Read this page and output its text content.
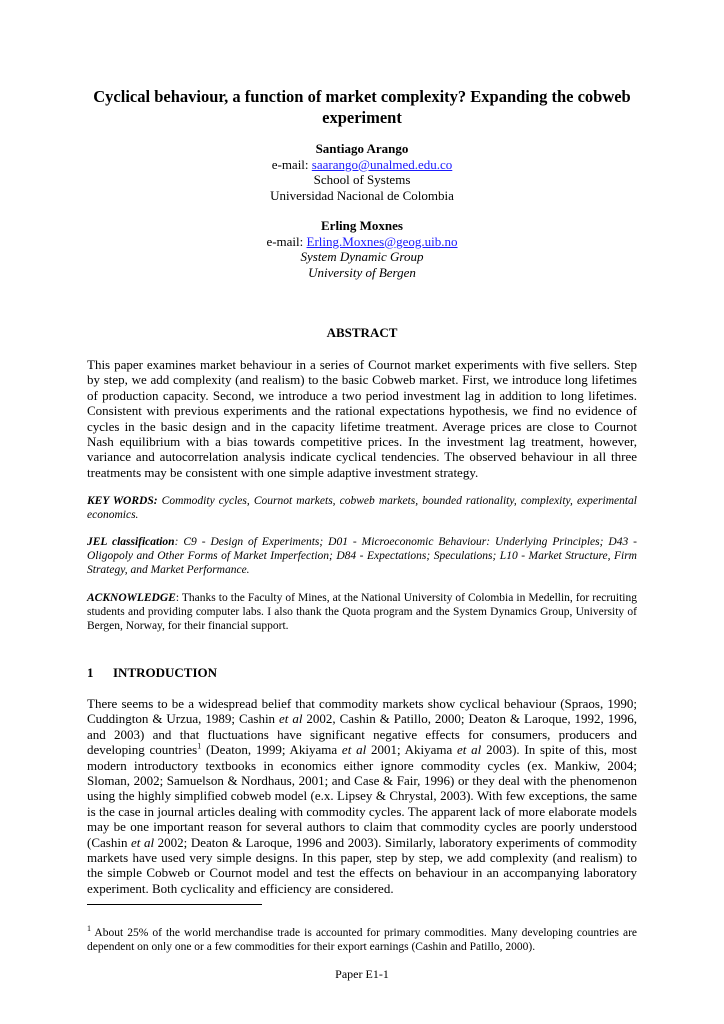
Cyclical behaviour, a function of market complexity? Expanding the cobweb experiment
Santiago Arango
e-mail: saarango@unalmed.edu.co
School of Systems
Universidad Nacional de Colombia
Erling Moxnes
e-mail: Erling.Moxnes@geog.uib.no
System Dynamic Group
University of Bergen
ABSTRACT
This paper examines market behaviour in a series of Cournot market experiments with five sellers. Step by step, we add complexity (and realism) to the basic Cobweb market. First, we introduce long lifetimes of production capacity. Second, we introduce a two period investment lag in addition to long lifetimes. Consistent with previous experiments and the rational expectations hypothesis, we find no evidence of cycles in the basic design and in the capacity lifetime treatment. Average prices are close to Cournot Nash equilibrium with a bias towards competitive prices. In the investment lag treatment, however, variance and autocorrelation analysis indicate cyclical tendencies. The observed behaviour in all three treatments may be consistent with one simple adaptive investment strategy.
KEY WORDS: Commodity cycles, Cournot markets, cobweb markets, bounded rationality, complexity, experimental economics.
JEL classification: C9 - Design of Experiments; D01 - Microeconomic Behaviour: Underlying Principles; D43 - Oligopoly and Other Forms of Market Imperfection; D84 - Expectations; Speculations; L10 - Market Structure, Firm Strategy, and Market Performance.
ACKNOWLEDGE: Thanks to the Faculty of Mines, at the National University of Colombia in Medellin, for recruiting students and providing computer labs. I also thank the Quota program and the System Dynamics Group, University of Bergen, Norway, for their financial support.
1 INTRODUCTION
There seems to be a widespread belief that commodity markets show cyclical behaviour (Spraos, 1990; Cuddington & Urzua, 1989; Cashin et al 2002, Cashin & Patillo, 2000; Deaton & Laroque, 1992, 1996, and 2003) and that fluctuations have significant negative effects for consumers, producers and developing countries$^1$ (Deaton, 1999; Akiyama et al 2001; Akiyama et al 2003). In spite of this, most modern introductory textbooks in economics either ignore commodity cycles (ex. Mankiw, 2004; Sloman, 2002; Samuelson & Nordhaus, 2001; and Case & Fair, 1996) or they deal with the phenomenon using the highly simplified cobweb model (e.x. Lipsey & Chrystal, 2003). With few exceptions, the same is the case in journal articles dealing with commodity cycles. The apparent lack of more elaborate models may be one important reason for several authors to claim that commodity cycles are poorly understood (Cashin et al 2002; Deaton & Laroque, 1996 and 2003). Similarly, laboratory experiments of commodity markets have used very simple designs. In this paper, step by step, we add complexity (and realism) to the simple Cobweb or Cournot model and test the effects on behaviour in an accompanying laboratory experiment. Both cyclicality and efficiency are considered.
$^1$ About 25% of the world merchandise trade is accounted for primary commodities. Many developing countries are dependent on only one or a few commodities for their export earnings (Cashin and Patillo, 2000).
Paper E1-1
